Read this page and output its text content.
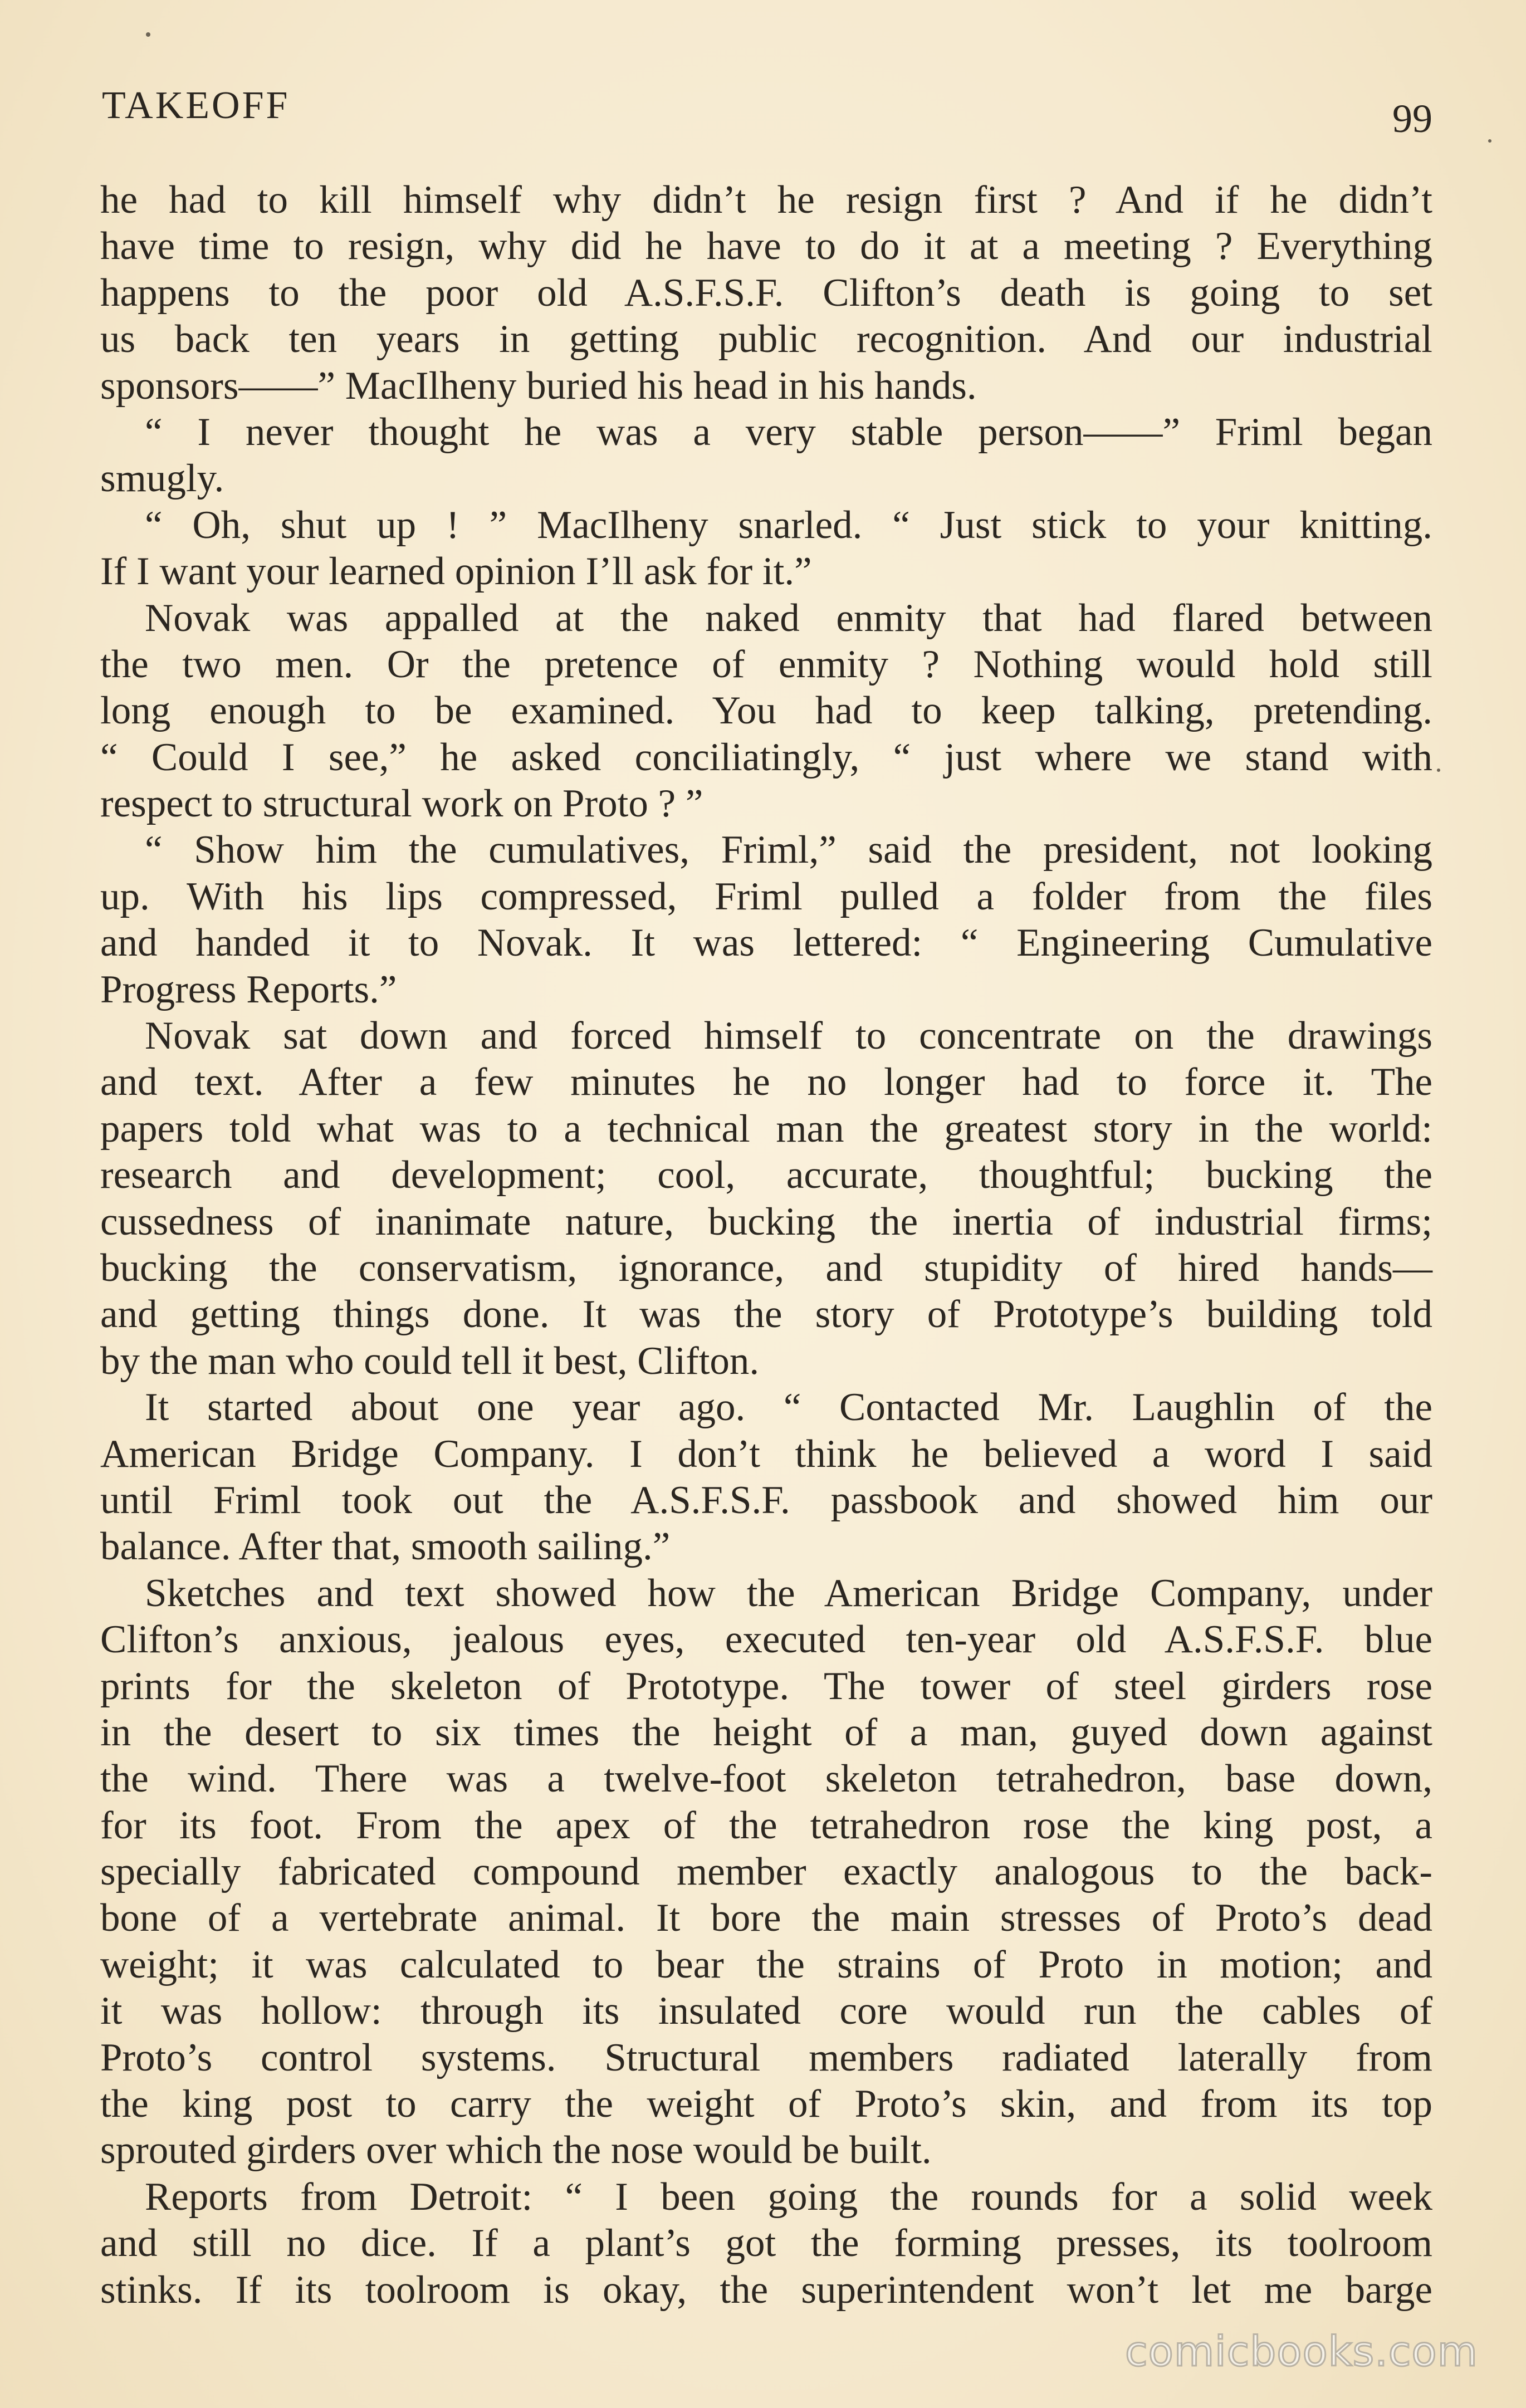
TAKEOFF	99
he had to kill himself why didn’t he resign first ? And if he didn’t
have time to resign, why did he have to do it at a meeting ? Everything
happens to the poor old A.S.F.S.F. Clifton’s death is going to set
us back ten years in getting public recognition. And our industrial
sponsors——” MacIlheny buried his head in his hands.
“ I never thought he was a very stable person——” Friml began
smugly.
“ Oh, shut up ! ” MacIlheny snarled. “ Just stick to your knitting.
If I want your learned opinion I’ll ask for it.”
Novak was appalled at the naked enmity that had flared between
the two men. Or the pretence of enmity ? Nothing would hold still
long enough to be examined. You had to keep talking, pretending.
“ Could I see,” he asked conciliatingly, “ just where we stand with
respect to structural work on Proto ? ”
“ Show him the cumulatives, Friml,” said the president, not looking
up. With his lips compressed, Friml pulled a folder from the files
and handed it to Novak. It was lettered: “ Engineering Cumulative
Progress Reports.”
Novak sat down and forced himself to concentrate on the drawings
and text. After a few minutes he no longer had to force it. The
papers told what was to a technical man the greatest story in the world:
research and development; cool, accurate, thoughtful; bucking the
cussedness of inanimate nature, bucking the inertia of industrial firms;
bucking the conservatism, ignorance, and stupidity of hired hands—
and getting things done. It was the story of Prototype’s building told
by the man who could tell it best, Clifton.
It started about one year ago. “ Contacted Mr. Laughlin of the
American Bridge Company. I don’t think he believed a word I said
until Friml took out the A.S.F.S.F. passbook and showed him our
balance. After that, smooth sailing.”
Sketches and text showed how the American Bridge Company, under
Clifton’s anxious, jealous eyes, executed ten-year old A.S.F.S.F. blue
prints for the skeleton of Prototype. The tower of steel girders rose
in the desert to six times the height of a man, guyed down against
the wind. There was a twelve-foot skeleton tetrahedron, base down,
for its foot. From the apex of the tetrahedron rose the king post, a
specially fabricated compound member exactly analogous to the back-
bone of a vertebrate animal. It bore the main stresses of Proto’s dead
weight; it was calculated to bear the strains of Proto in motion; and
it was hollow: through its insulated core would run the cables of
Proto’s control systems. Structural members radiated laterally from
the king post to carry the weight of Proto’s skin, and from its top
sprouted girders over which the nose would be built.
Reports from Detroit: “ I been going the rounds for a solid week
and still no dice. If a plant’s got the forming presses, its toolroom
stinks. If its toolroom is okay, the superintendent won’t let me barge
comicbooks.com
